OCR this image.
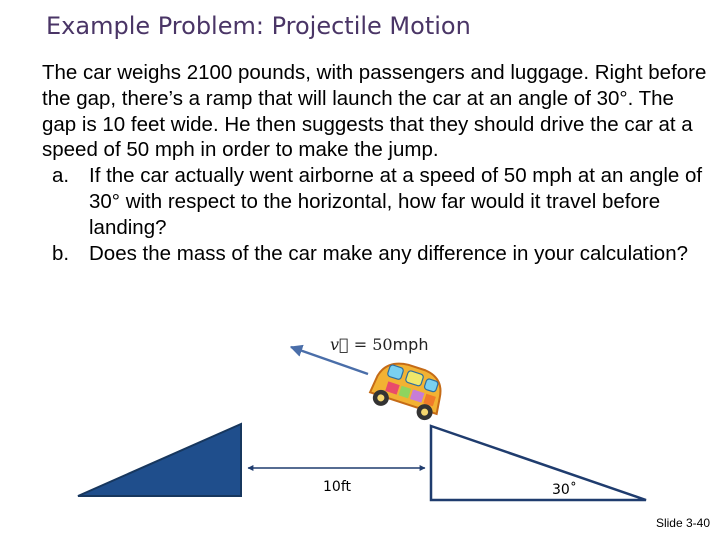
Example Problem: Projectile Motion

The car weighs 2100 pounds, with passengers and luggage. Right before the gap, there’s a ramp that will launch the car at an angle of 30°. The gap is 10 feet wide. He then suggests that they should drive the car at a speed of 50 mph in order to make the jump.

a. If the car actually went airborne at a speed of 50 mph at an angle of 30° with respect to the horizontal, how far would it travel before landing?
b. Does the mass of the car make any difference in your calculation?
v⃗ = 50mph
10ft	30˚
Slide 3-40
